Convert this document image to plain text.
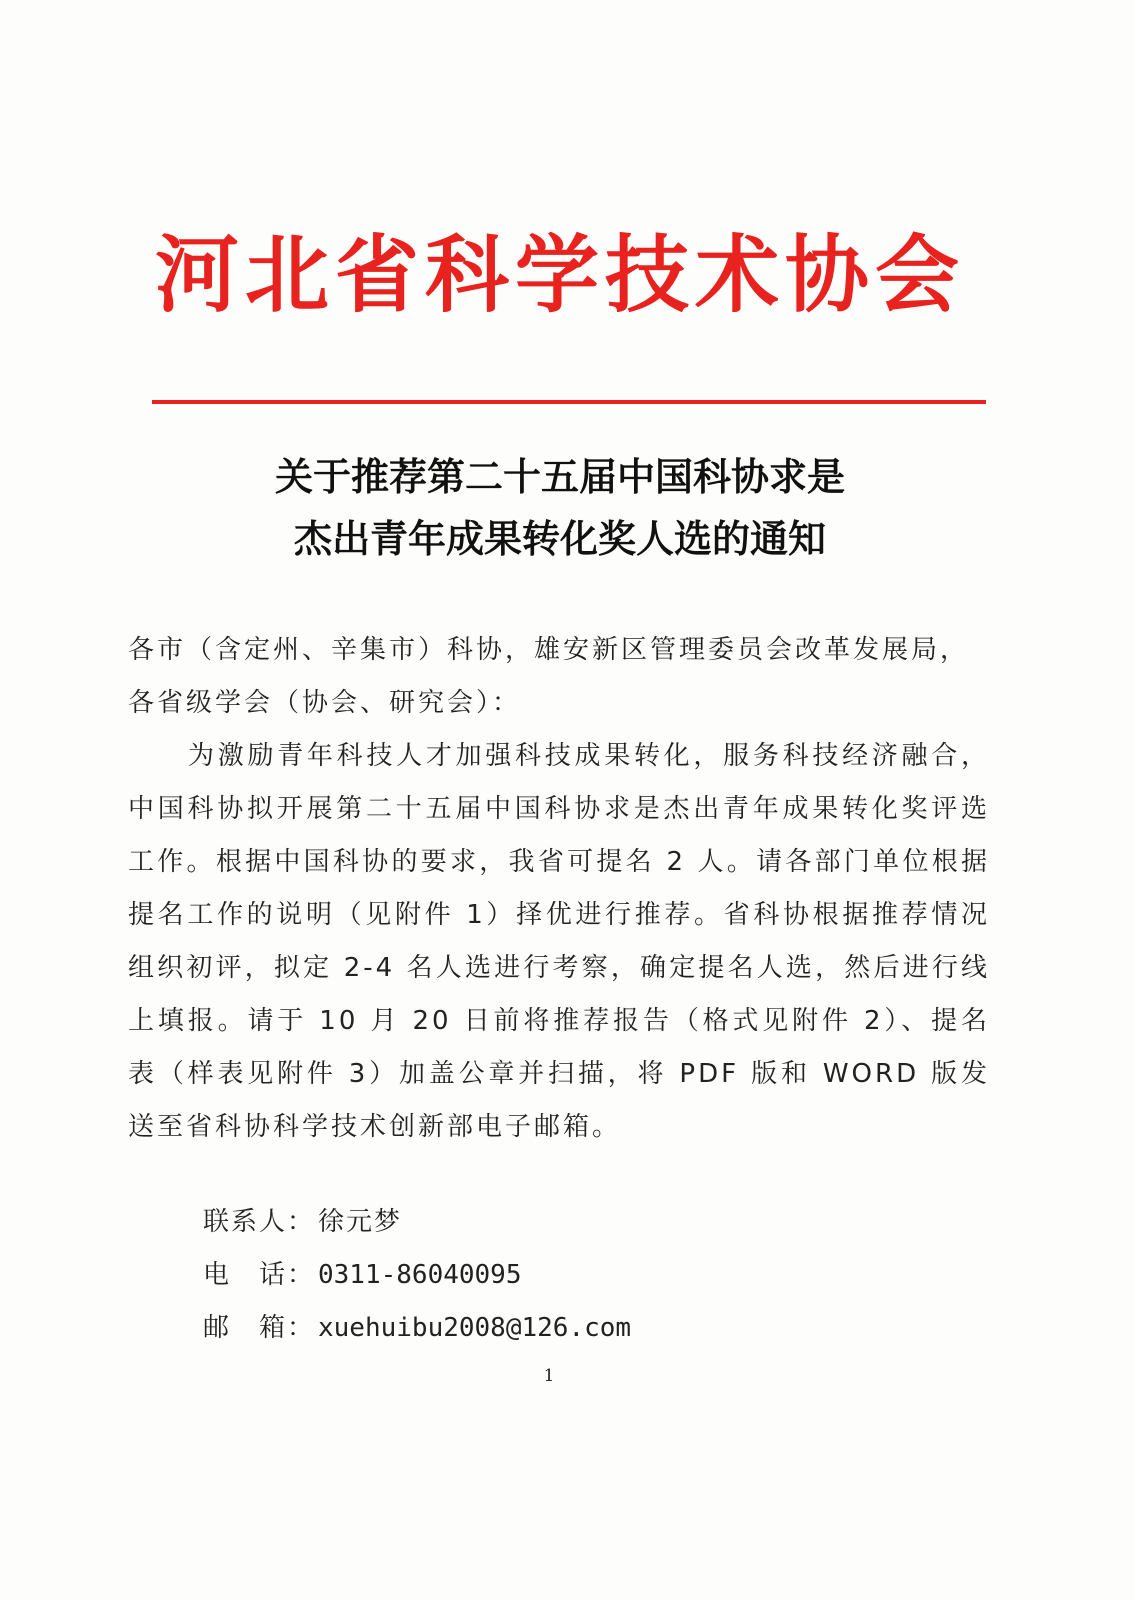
河北省科学技术协会
关于推荐第二十五届中国科协求是
杰出青年成果转化奖人选的通知

各市（含定州、辛集市）科协，雄安新区管理委员会改革发展局，各省级学会（协会、研究会）：

为激励青年科技人才加强科技成果转化，服务科技经济融合，中国科协拟开展第二十五届中国科协求是杰出青年成果转化奖评选工作。根据中国科协的要求，我省可提名 2 人。请各部门单位根据提名工作的说明（见附件 1）择优进行推荐。省科协根据推荐情况组织初评，拟定 2-4 名人选进行考察，确定提名人选，然后进行线上填报。请于 10 月 20 日前将推荐报告（格式见附件 2）、提名表（样表见附件 3）加盖公章并扫描，将 PDF 版和 WORD 版发送至省科协科学技术创新部电子邮箱。

联系人： 徐元梦
电　话： 0311-86040095
邮　箱： xuehuibu2008@126.com
1
